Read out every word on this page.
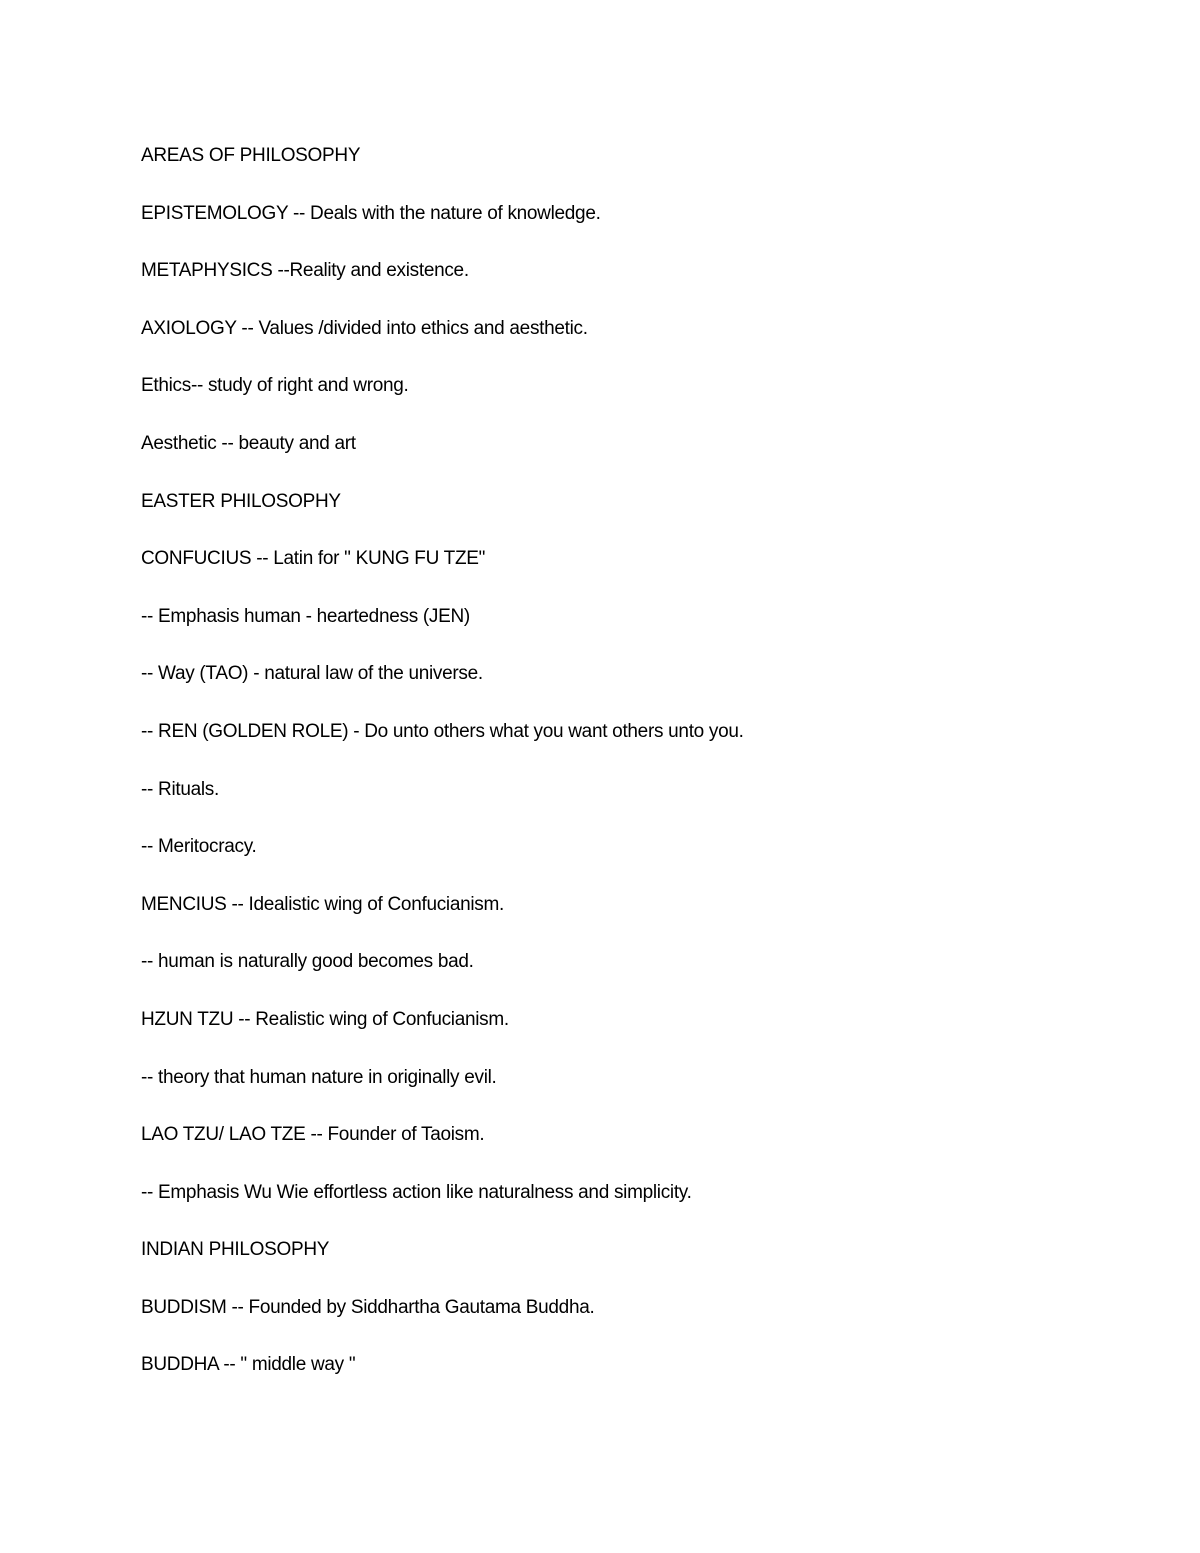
AREAS OF PHILOSOPHY
EPISTEMOLOGY -- Deals with the nature of knowledge.
METAPHYSICS --Reality and existence.
AXIOLOGY -- Values /divided into ethics and aesthetic.
Ethics-- study of right and wrong.
Aesthetic -- beauty and art
EASTER PHILOSOPHY
CONFUCIUS -- Latin for " KUNG FU TZE"
-- Emphasis human - heartedness (JEN)
-- Way (TAO) - natural law of the universe.
-- REN (GOLDEN ROLE) - Do unto others what you want others unto you.
-- Rituals.
-- Meritocracy.
MENCIUS -- Idealistic wing of Confucianism.
-- human is naturally good becomes bad.
HZUN TZU -- Realistic wing of Confucianism.
-- theory that human nature in originally evil.
LAO TZU/ LAO TZE -- Founder of Taoism.
-- Emphasis Wu Wie effortless action like naturalness and simplicity.
INDIAN PHILOSOPHY
BUDDISM -- Founded by Siddhartha Gautama Buddha.
BUDDHA -- " middle way "
